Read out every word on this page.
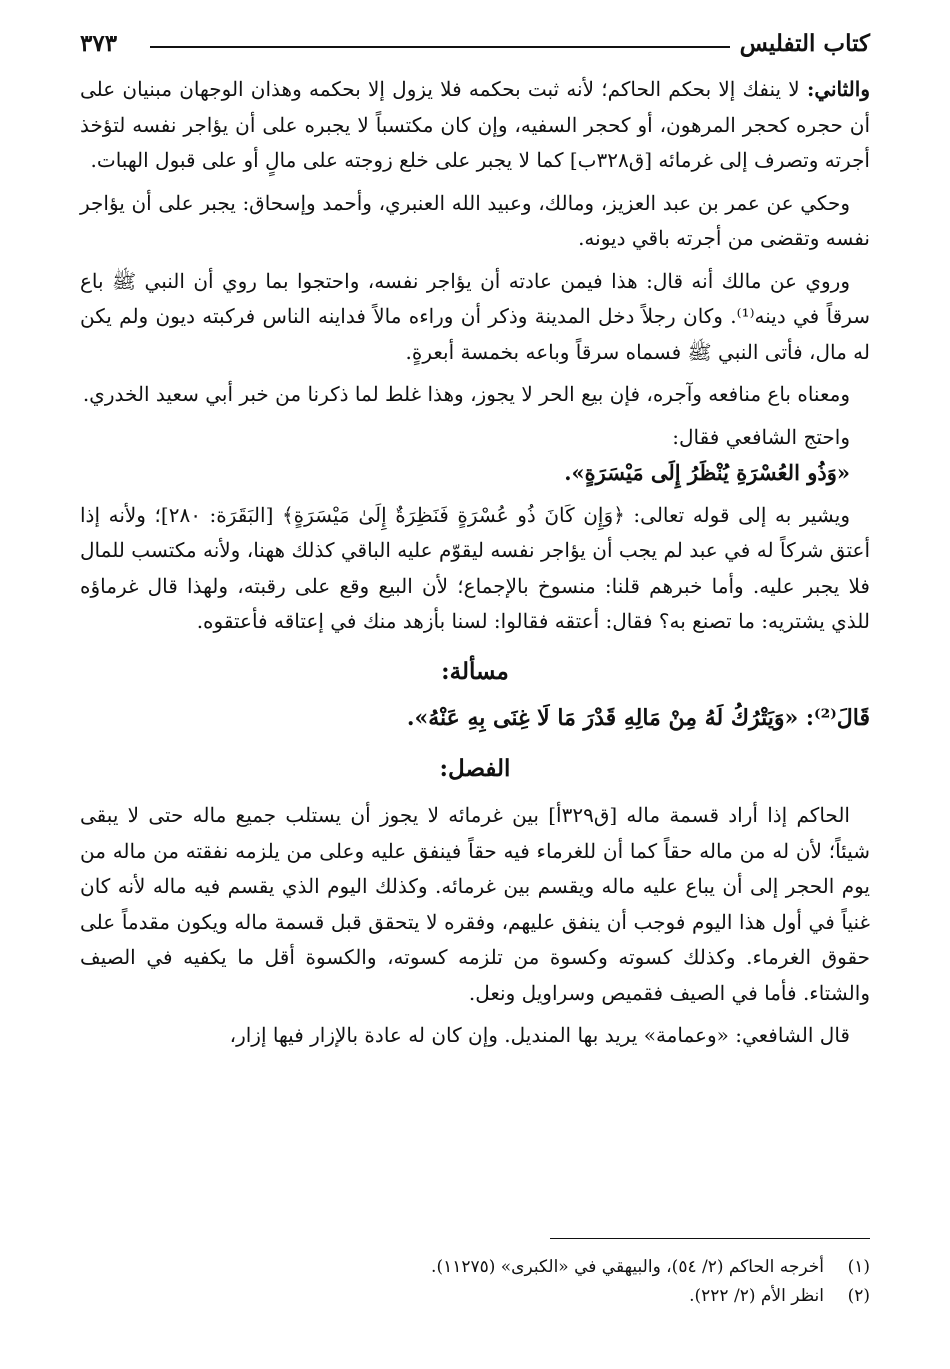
كتاب التفليس
٣٧٣

والثاني: لا ينفك إلا بحكم الحاكم؛ لأنه ثبت بحكمه فلا يزول إلا بحكمه وهذان الوجهان مبنيان على أن حجره كحجر المرهون، أو كحجر السفيه، وإن كان مكتسباً لا يجبره على أن يؤاجر نفسه لتؤخذ أجرته وتصرف إلى غرمائه [ق٣٢٨ب] كما لا يجبر على خلع زوجته على مالٍ أو على قبول الهبات.

وحكي عن عمر بن عبد العزيز، ومالك، وعبيد الله العنبري، وأحمد وإسحاق: يجبر على أن يؤاجر نفسه وتقضى من أجرته باقي ديونه.

وروي عن مالك أنه قال: هذا فيمن عادته أن يؤاجر نفسه، واحتجوا بما روي أن النبي ﷺ باع سرقاً في دينه⁽¹⁾. وكان رجلاً دخل المدينة وذكر أن وراءه مالاً فداينه الناس فركبته ديون ولم يكن له مال، فأتى النبي ﷺ فسماه سرقاً وباعه بخمسة أبعرةٍ.

ومعناه باع منافعه وآجره، فإن بيع الحر لا يجوز، وهذا غلط لما ذكرنا من خبر أبي سعيد الخدري.

واحتج الشافعي فقال:

«وَذُو العُسْرَةِ يُنْظَرُ إِلَى مَيْسَرَةٍ».

ويشير به إلى قوله تعالى: ﴿وَإِن كَانَ ذُو عُسْرَةٍ فَنَظِرَةٌ إِلَىٰ مَيْسَرَةٍ﴾ [البَقَرَة: ٢٨٠]؛ ولأنه إذا أعتق شركاً له في عبد لم يجب أن يؤاجر نفسه ليقوّم عليه الباقي كذلك ههنا، ولأنه مكتسب للمال فلا يجبر عليه. وأما خبرهم قلنا: منسوخ بالإجماع؛ لأن البيع وقع على رقبته، ولهذا قال غرماؤه للذي يشتريه: ما تصنع به؟ فقال: أعتقه فقالوا: لسنا بأزهد منك في إعتاقه فأعتقوه.

مسألة:

قَالَ⁽²⁾: «وَيَتْرُكُ لَهُ مِنْ مَالِهِ قَدْرَ مَا لَا غِنَى بِهِ عَنْهُ».

الفصل:

الحاكم إذا أراد قسمة ماله [ق٣٢٩أ] بين غرمائه لا يجوز أن يستلب جميع ماله حتى لا يبقى شيئاً؛ لأن له من ماله حقاً كما أن للغرماء فيه حقاً فينفق عليه وعلى من يلزمه نفقته من ماله من يوم الحجر إلى أن يباع عليه ماله ويقسم بين غرمائه. وكذلك اليوم الذي يقسم فيه ماله لأنه كان غنياً في أول هذا اليوم فوجب أن ينفق عليهم، وفقره لا يتحقق قبل قسمة ماله ويكون مقدماً على حقوق الغرماء. وكذلك كسوته وكسوة من تلزمه كسوته، والكسوة أقل ما يكفيه في الصيف والشتاء. فأما في الصيف فقميص وسراويل ونعل.

قال الشافعي: «وعمامة» يريد بها المنديل. وإن كان له عادة بالإزار فيها إزار،

(١)
أخرجه الحاكم (٢/ ٥٤)، والبيهقي في «الكبرى» (١١٢٧٥).
(٢)
انظر الأم (٢/ ٢٢٢).
